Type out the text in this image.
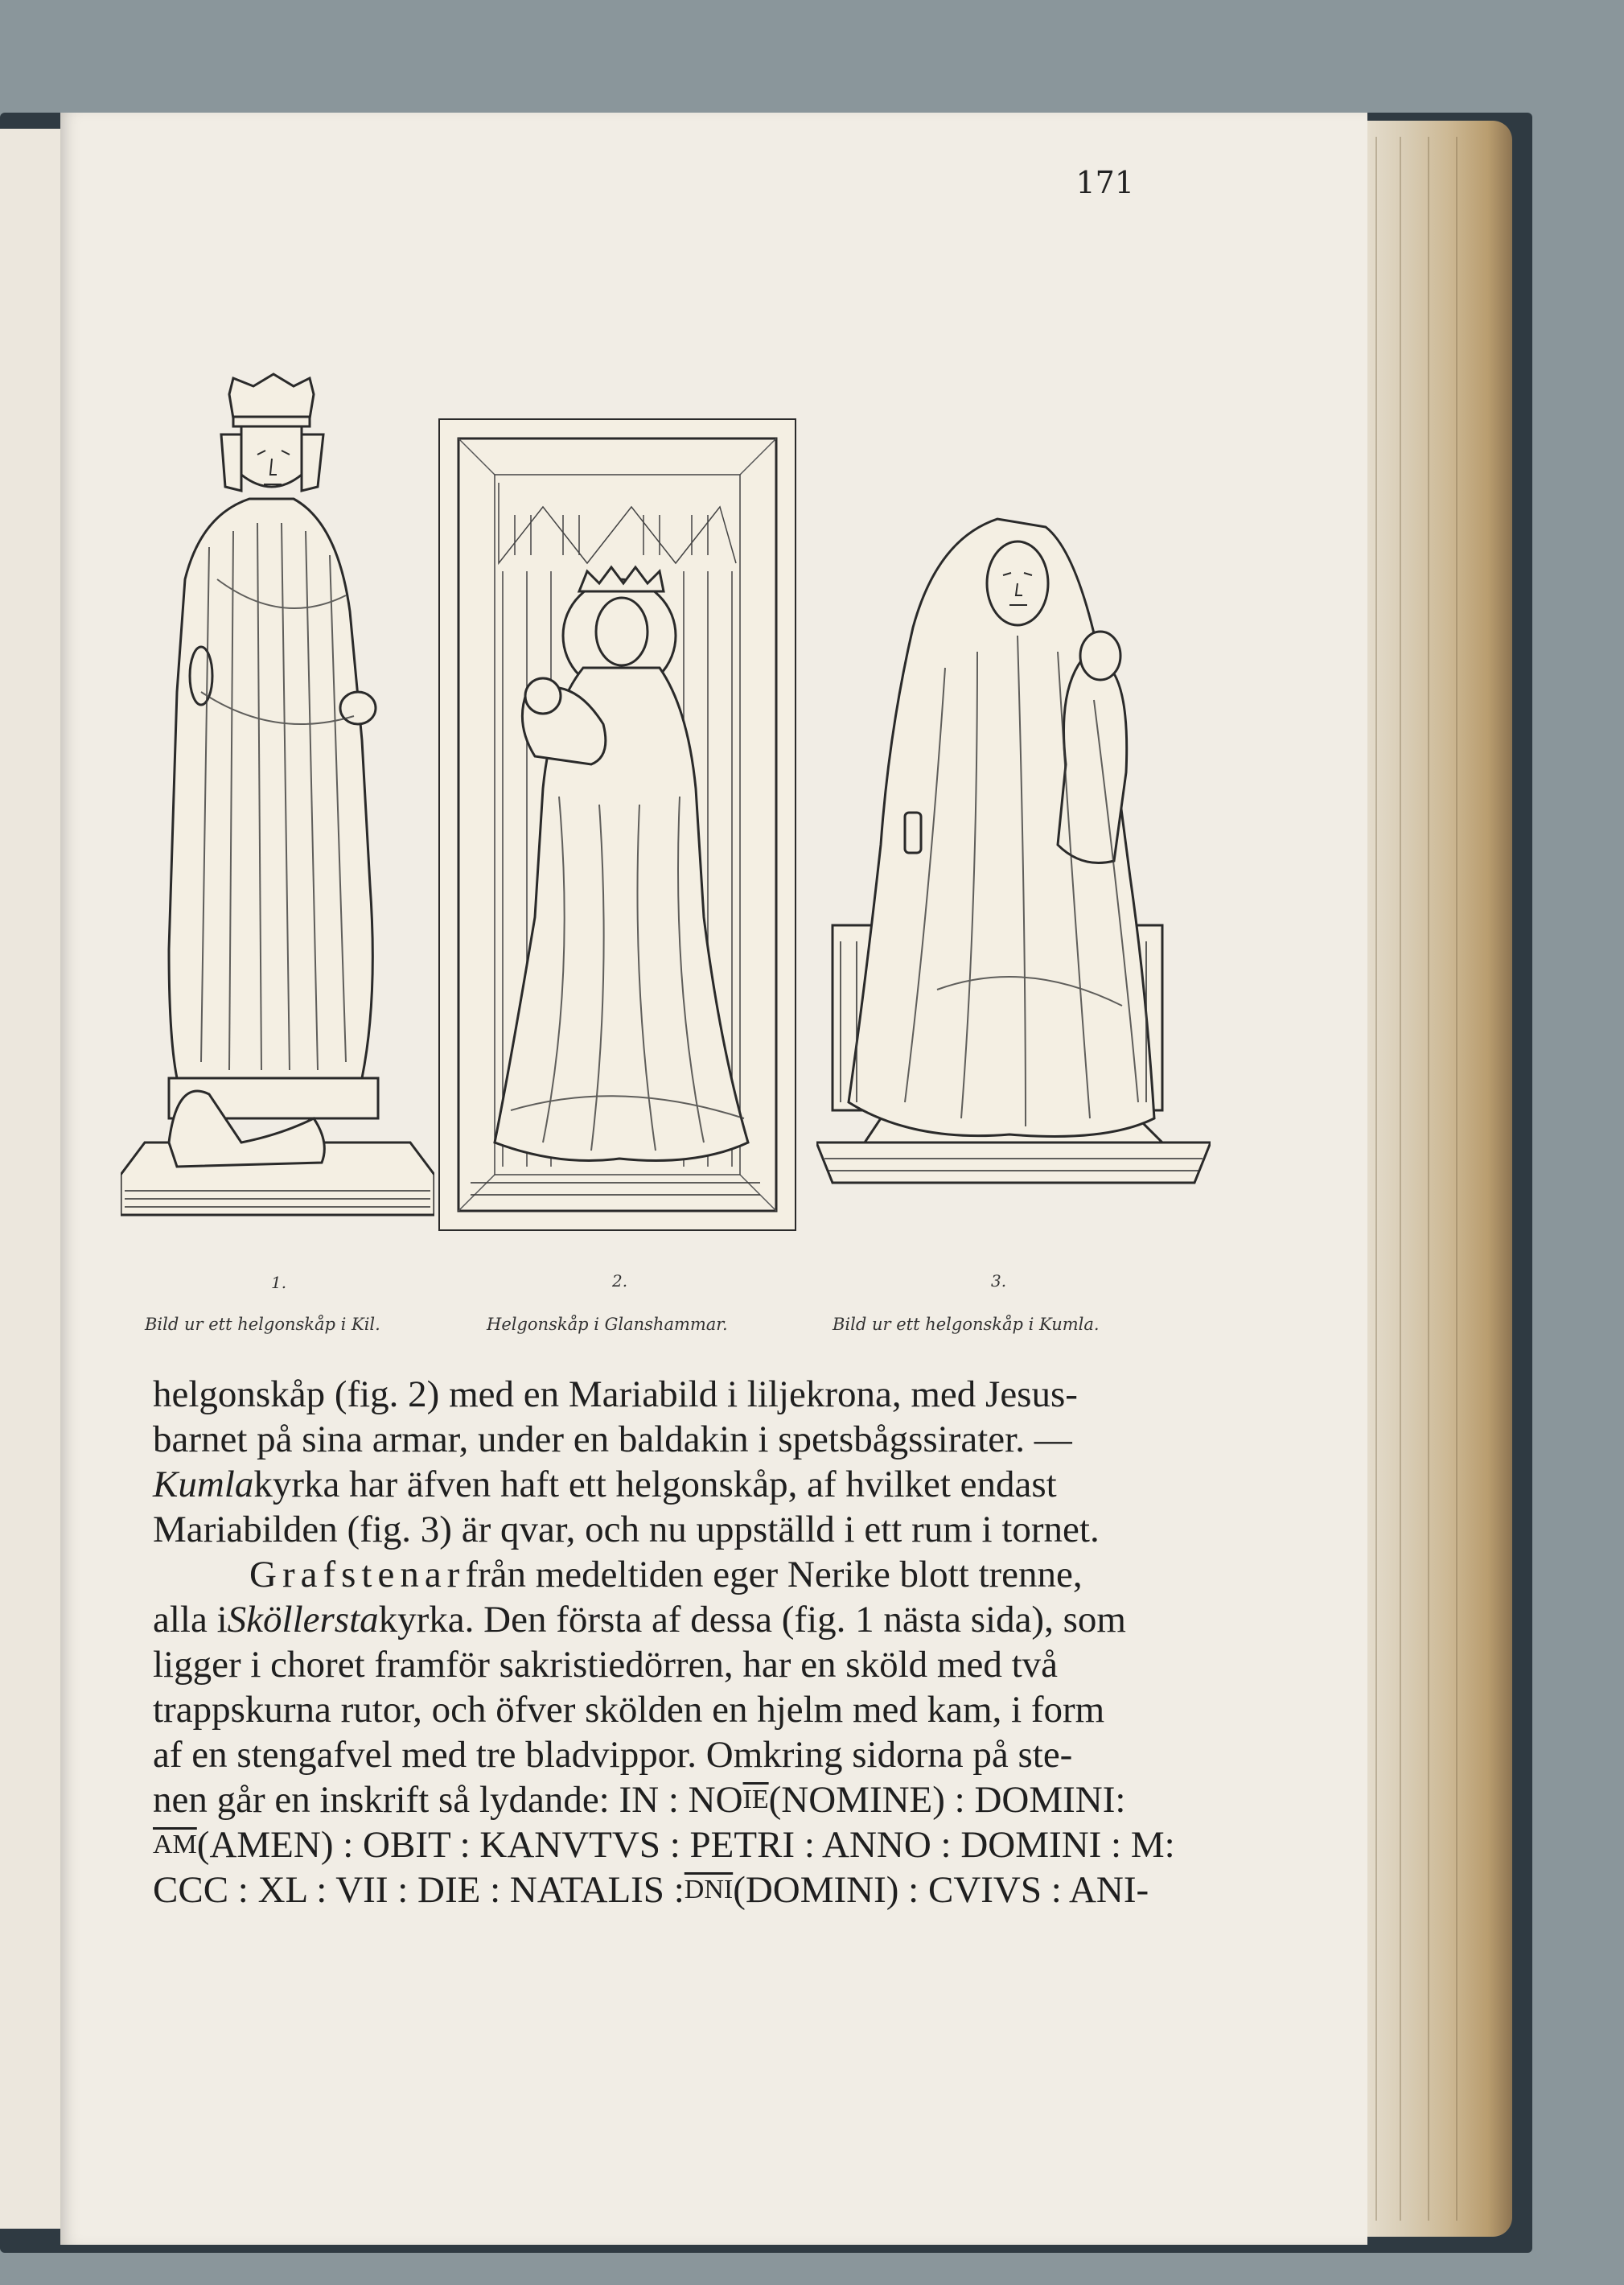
171
1.	2.	3.
Bild ur ett helgonskåp i Kil.	Helgonskåp i Glanshammar.	Bild ur ett helgonskåp i Kumla.
helgonskåp (fig. 2) med en Mariabild i liljekrona, med Jesus-
barnet på sina armar, under en baldakin i spetsbågssirater. —
Kumla kyrka har äfven haft ett helgonskåp, af hvilket endast
Mariabilden (fig. 3) är qvar, och nu uppställd i ett rum i tornet.
Grafstenar från medeltiden eger Nerike blott trenne,
alla i Sköllersta kyrka. Den första af dessa (fig. 1 nästa sida), som
ligger i choret framför sakristiedörren, har en sköld med två
trappskurna rutor, och öfver skölden en hjelm med kam, i form
af en stengafvel med tre bladvippor. Omkring sidorna på ste-
nen går en inskrift så lydande: IN : NO $\overline{IE}$ (NOMINE) : DOMINI:
$\overline{AM}$ (AMEN) : OBIT : KANVTVS : PETRI : ANNO : DOMINI : M:
CCC : XL : VII : DIE : NATALIS : $\overline{DNI}$ (DOMINI) : CVIVS : ANI-
